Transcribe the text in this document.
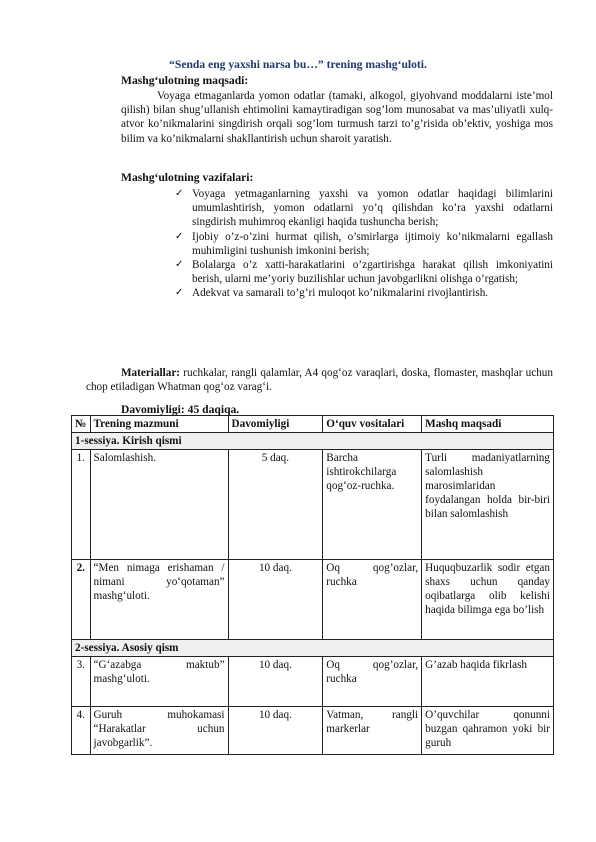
“Senda eng yaxshi narsa bu…” trening mashg‘uloti.
Mashg‘ulotning maqsadi:
Voyaga etmaganlarda yomon odatlar (tamaki, alkogol, giyohvand moddalarni iste’mol qilish) bilan shug’ullanish ehtimolini kamaytiradigan sog’lom munosabat va mas’uliyatli xulq-atvor ko’nikmalarini singdirish orqali sog’lom turmush tarzi to’g’risida ob’ektiv, yoshiga mos bilim va ko’nikmalarni shakllantirish uchun sharoit yaratish.
Mashg‘ulotning vazifalari:
✓ Voyaga yetmaganlarning yaxshi va yomon odatlar haqidagi bilimlarini umumlashtirish, yomon odatlarni yo’q qilishdan ko’ra yaxshi odatlarni singdirish muhimroq ekanligi haqida tushuncha berish;
✓ Ijobiy o’z-o’zini hurmat qilish, o’smirlarga ijtimoiy ko’nikmalarni egallash muhimligini tushunish imkonini berish;
✓ Bolalarga o’z xatti-harakatlarini o’zgartirishga harakat qilish imkoniyatini berish, ularni me’yoriy buzilishlar uchun javobgarlikni olishga o’rgatish;
✓ Adekvat va samarali to’g’ri muloqot ko’nikmalarini rivojlantirish.
Materiallar: ruchkalar, rangli qalamlar, A4 qog‘oz varaqlari, doska, flomaster, mashqlar uchun chop etiladigan Whatman qog‘oz varag‘i.
Davomiyligi: 45 daqiqa.
№	Trening mazmuni	Davomiyligi	O‘quv vositalari	Mashq maqsadi
1-sessiya. Kirish qismi				
1.	Salomlashish.	5 daq.	Barcha ishtirokchilarga qog‘oz-ruchka.	Turli madaniyatlarning salomlashish marosimlaridan foydalangan holda bir-biri bilan salomlashish
2.	“Men nimaga erishaman / nimani yo‘qotaman” mashg‘uloti.	10 daq.	Oq qog’ozlar, ruchka	Huquqbuzarlik sodir etgan shaxs uchun qanday oqibatlarga olib kelishi haqida bilimga ega bo’lish
2-sessiya. Asosiy qism				
3.	“G‘azabga maktub” mashg‘uloti.	10 daq.	Oq qog’ozlar, ruchka	G’azab haqida fikrlash
4.	Guruh muhokamasi “Harakatlar uchun javobgarlik”.	10 daq.	Vatman, rangli markerlar	O’quvchilar qonunni buzgan qahramon yoki bir guruh
